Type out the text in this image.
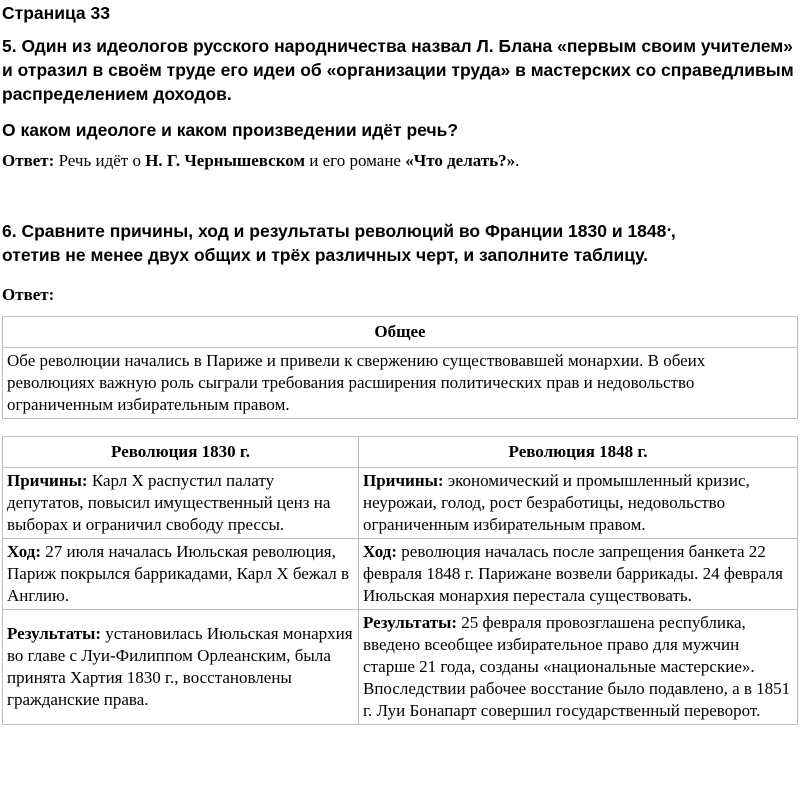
Страница 33

5. Один из идеологов русского народничества назвал Л. Блана «первым своим учителем» и отразил в своём труде его идеи об «организации труда» в мастерских со справедливым распределением доходов.

О каком идеологе и каком произведении идёт речь?

Ответ: Речь идёт о Н. Г. Чернышевском и его романе «Что делать?».

6. Сравните причины, ход и результаты революций во Франции 1830 и 1848•,
отетив не менее двух общих и трёх различных черт, и заполните таблицу.

Ответ:

Общее
Обе революции начались в Париже и привели к свержению существовавшей монархии. В обеих революциях важную роль сыграли требования расширения политических прав и недовольство ограниченным избирательным правом.
Революция 1830 г.	Революция 1848 г.
Причины: Карл X распустил палату депутатов, повысил имущественный ценз на выборах и ограничил свободу прессы.	Причины: экономический и промышленный кризис, неурожаи, голод, рост безработицы, недовольство ограниченным избирательным правом.
Ход: 27 июля началась Июльская революция, Париж покрылся баррикадами, Карл X бежал в Англию.	Ход: революция началась после запрещения банкета 22 февраля 1848 г. Парижане возвели баррикады. 24 февраля Июльская монархия перестала существовать.
Результаты: установилась Июльская монархия во главе с Луи-Филиппом Орлеанским, была принята Хартия 1830 г., восстановлены гражданские права.	Результаты: 25 февраля провозглашена республика, введено всеобщее избирательное право для мужчин старше 21 года, созданы «национальные мастерские». Впоследствии рабочее восстание было подавлено, а в 1851 г. Луи Бонапарт совершил государственный переворот.
